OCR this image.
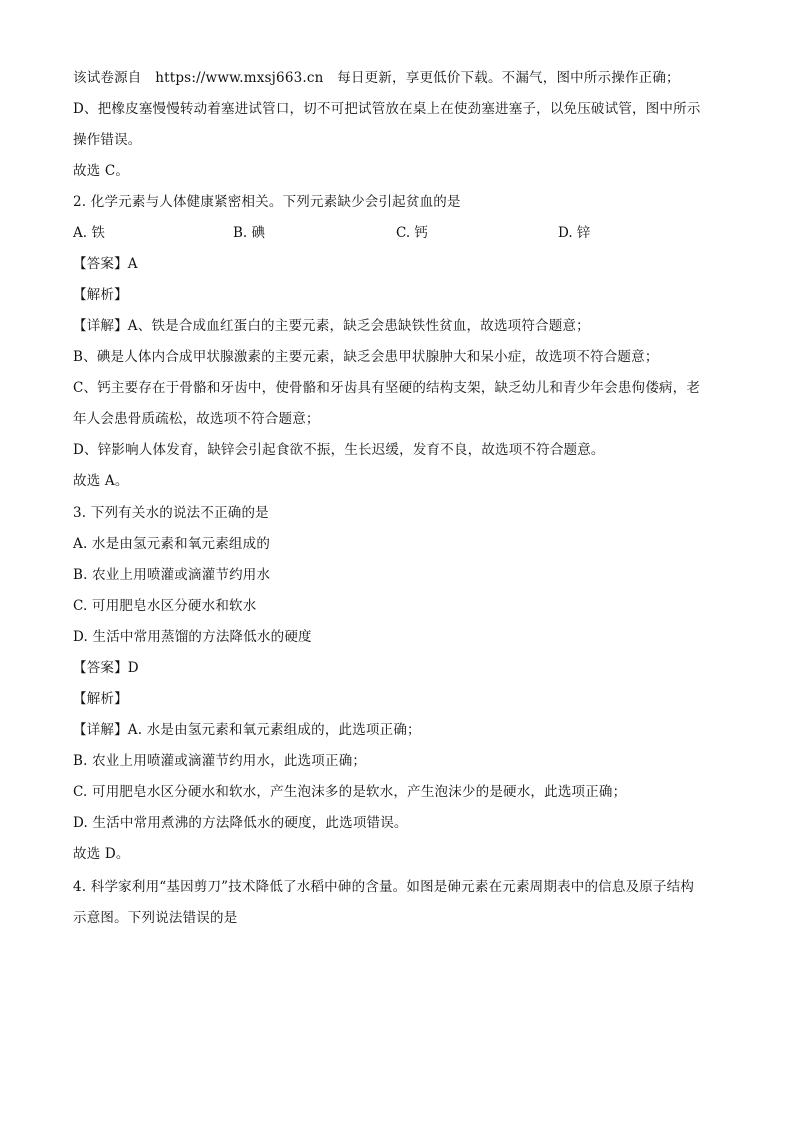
该试卷源自　https://www.mxsj663.cn　每日更新，享更低价下载。不漏气，图中所示操作正确；
D、把橡皮塞慢慢转动着塞进试管口，切不可把试管放在桌上在使劲塞进塞子，以免压破试管，图中所示
操作错误。
故选 C。
2. 化学元素与人体健康紧密相关。下列元素缺少会引起贫血的是
A. 铁	B. 碘	C. 钙	D. 锌
【答案】A
【解析】
【详解】A、铁是合成血红蛋白的主要元素，缺乏会患缺铁性贫血，故选项符合题意；
B、碘是人体内合成甲状腺激素的主要元素，缺乏会患甲状腺肿大和呆小症，故选项不符合题意；
C、钙主要存在于骨骼和牙齿中，使骨骼和牙齿具有坚硬的结构支架，缺乏幼儿和青少年会患佝偻病，老
年人会患骨质疏松，故选项不符合题意；
D、锌影响人体发育，缺锌会引起食欲不振，生长迟缓，发育不良，故选项不符合题意。
故选 A。
3. 下列有关水的说法不正确的是
A. 水是由氢元素和氧元素组成的
B. 农业上用喷灌或滴灌节约用水
C. 可用肥皂水区分硬水和软水
D. 生活中常用蒸馏的方法降低水的硬度
【答案】D
【解析】
【详解】A. 水是由氢元素和氧元素组成的，此选项正确；
B. 农业上用喷灌或滴灌节约用水，此选项正确；
C. 可用肥皂水区分硬水和软水，产生泡沫多的是软水，产生泡沫少的是硬水，此选项正确；
D. 生活中常用煮沸的方法降低水的硬度，此选项错误。
故选 D。
4. 科学家利用“基因剪刀”技术降低了水稻中砷的含量。如图是砷元素在元素周期表中的信息及原子结构
示意图。下列说法错误的是
